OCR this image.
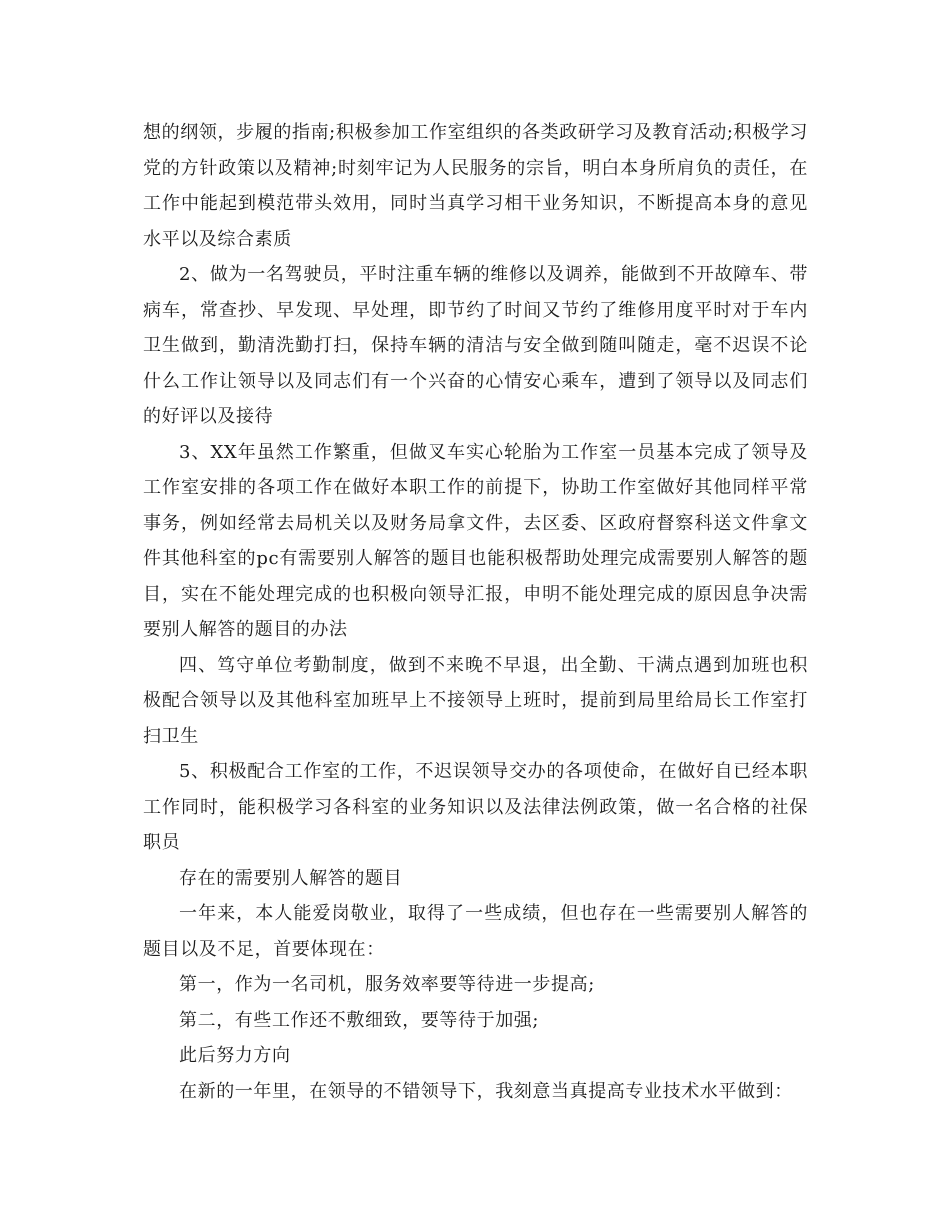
想的纲领，步履的指南;积极参加工作室组织的各类政研学习及教育活动;积极学习党的方针政策以及精神;时刻牢记为人民服务的宗旨，明白本身所肩负的责任，在工作中能起到模范带头效用，同时当真学习相干业务知识，不断提高本身的意见水平以及综合素质

2、做为一名驾驶员，平时注重车辆的维修以及调养，能做到不开故障车、带病车，常查抄、早发现、早处理，即节约了时间又节约了维修用度平时对于车内卫生做到，勤清洗勤打扫，保持车辆的清洁与安全做到随叫随走，毫不迟误不论什么工作让领导以及同志们有一个兴奋的心情安心乘车，遭到了领导以及同志们的好评以及接待

3、XX年虽然工作繁重，但做叉车实心轮胎为工作室一员基本完成了领导及工作室安排的各项工作在做好本职工作的前提下，协助工作室做好其他同样平常事务，例如经常去局机关以及财务局拿文件，去区委、区政府督察科送文件拿文件其他科室的pc有需要别人解答的题目也能积极帮助处理完成需要别人解答的题目，实在不能处理完成的也积极向领导汇报，申明不能处理完成的原因息争决需要别人解答的题目的办法

四、笃守单位考勤制度，做到不来晚不早退，出全勤、干满点遇到加班也积极配合领导以及其他科室加班早上不接领导上班时，提前到局里给局长工作室打扫卫生

5、积极配合工作室的工作，不迟误领导交办的各项使命，在做好自已经本职工作同时，能积极学习各科室的业务知识以及法律法例政策，做一名合格的社保职员

存在的需要别人解答的题目

一年来，本人能爱岗敬业，取得了一些成绩，但也存在一些需要别人解答的题目以及不足，首要体现在：

第一，作为一名司机，服务效率要等待进一步提高;

第二，有些工作还不敷细致，要等待于加强;

此后努力方向

在新的一年里，在领导的不错领导下，我刻意当真提高专业技术水平做到：
